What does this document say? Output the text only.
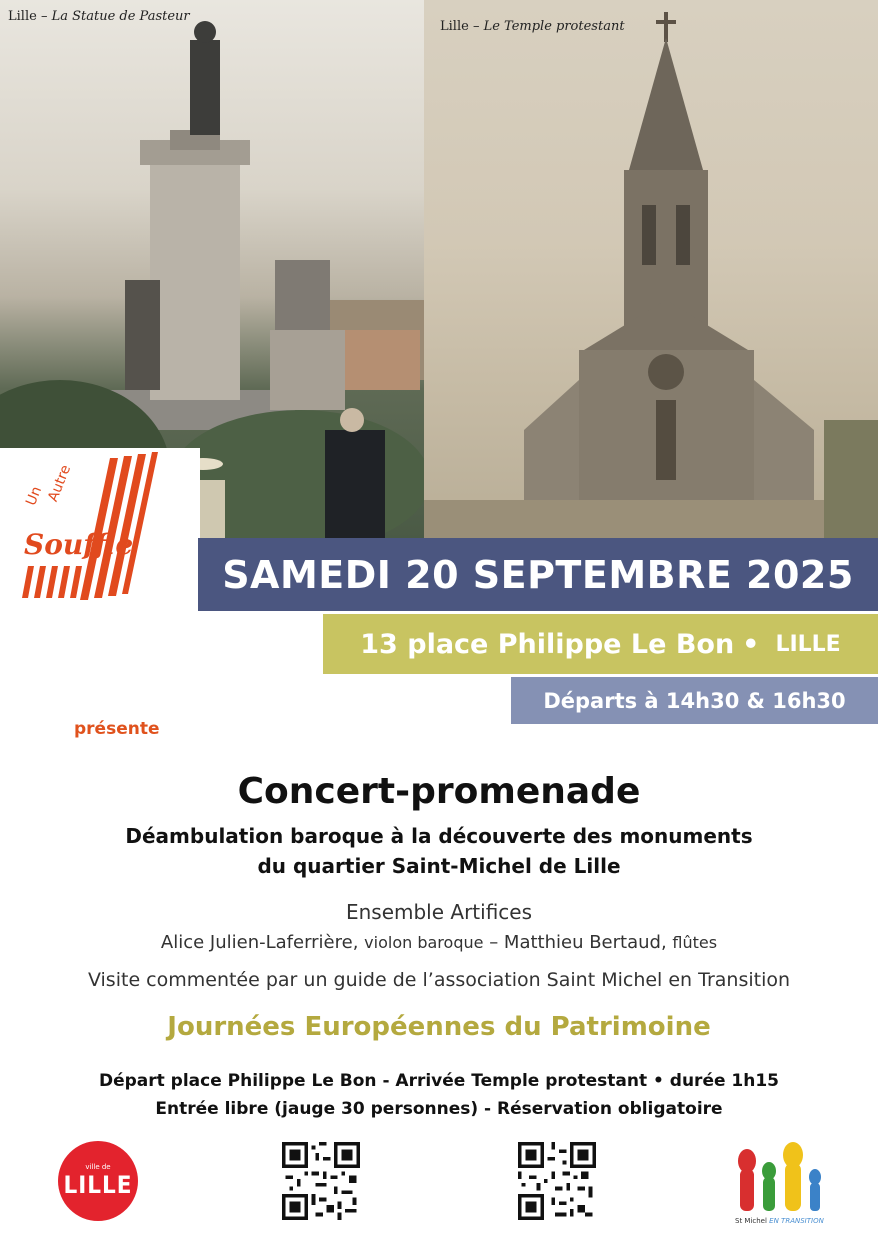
Lille – La Statue de Pasteur
Lille – Le Temple protestant
Un Autre
Souffle
SAMEDI 20 SEPTEMBRE 2025
13 place Philippe Le Bon • LILLE
Départs à 14h30 & 16h30
présente
Concert-promenade
Déambulation baroque à la découverte des monuments
du quartier Saint-Michel de Lille
Ensemble Artifices
Alice Julien-Laferrière, violon baroque – Matthieu Bertaud, flûtes
Visite commentée par un guide de l’association Saint Michel en Transition
Journées Européennes du Patrimoine
Départ place Philippe Le Bon - Arrivée Temple protestant • durée 1h15
Entrée libre (jauge 30 personnes) - Réservation obligatoire
ville de
LILLE
St Michel EN TRANSITION
